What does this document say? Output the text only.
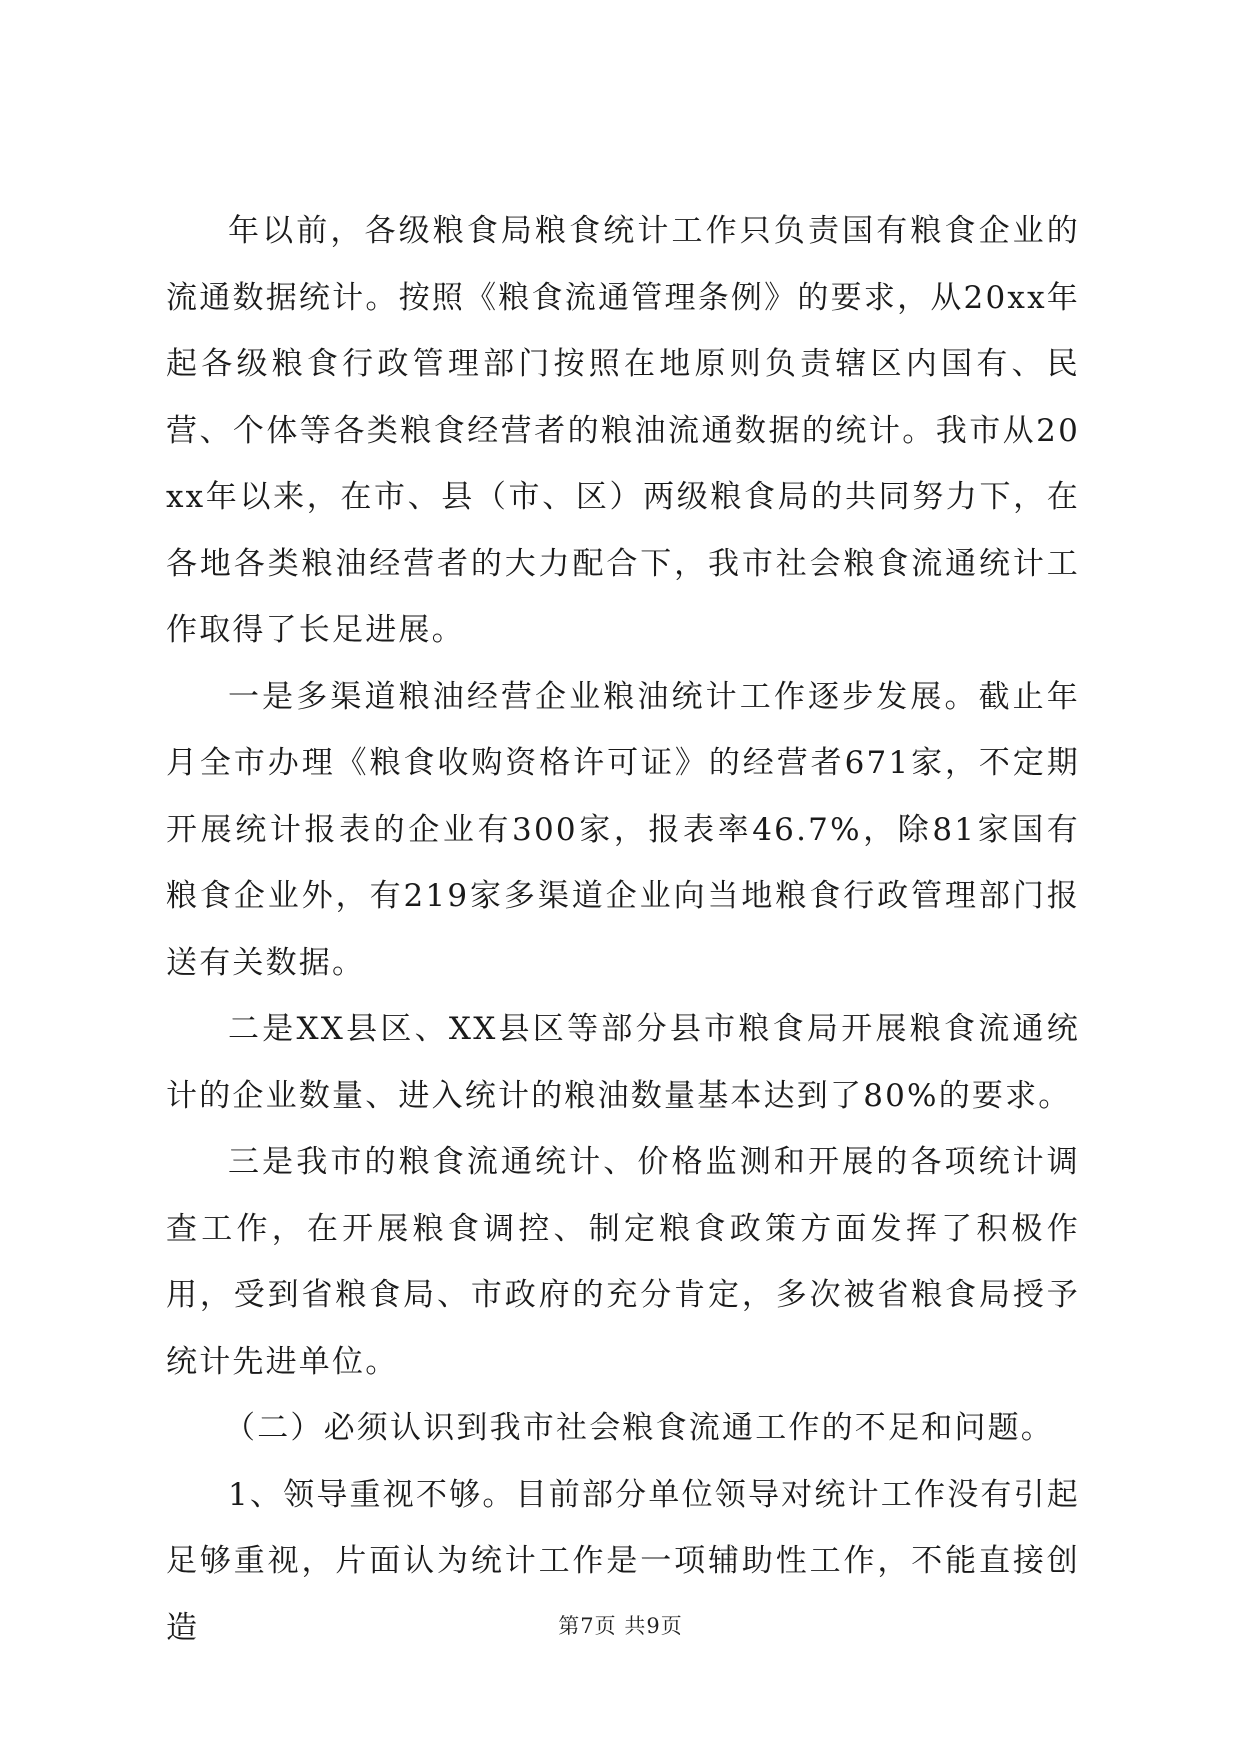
年以前，各级粮食局粮食统计工作只负责国有粮食企业的流通数据统计。按照《粮食流通管理条例》的要求，从20xx年起各级粮食行政管理部门按照在地原则负责辖区内国有、民营、个体等各类粮食经营者的粮油流通数据的统计。我市从20xx年以来，在市、县（市、区）两级粮食局的共同努力下，在各地各类粮油经营者的大力配合下，我市社会粮食流通统计工作取得了长足进展。

一是多渠道粮油经营企业粮油统计工作逐步发展。截止年月全市办理《粮食收购资格许可证》的经营者671家，不定期开展统计报表的企业有300家，报表率46.7%，除81家国有粮食企业外，有219家多渠道企业向当地粮食行政管理部门报送有关数据。

二是XX县区、XX县区等部分县市粮食局开展粮食流通统计的企业数量、进入统计的粮油数量基本达到了80%的要求。

三是我市的粮食流通统计、价格监测和开展的各项统计调查工作，在开展粮食调控、制定粮食政策方面发挥了积极作用，受到省粮食局、市政府的充分肯定，多次被省粮食局授予统计先进单位。

（二）必须认识到我市社会粮食流通工作的不足和问题。

1、领导重视不够。目前部分单位领导对统计工作没有引起足够重视，片面认为统计工作是一项辅助性工作，不能直接创造	第7页 共9页
